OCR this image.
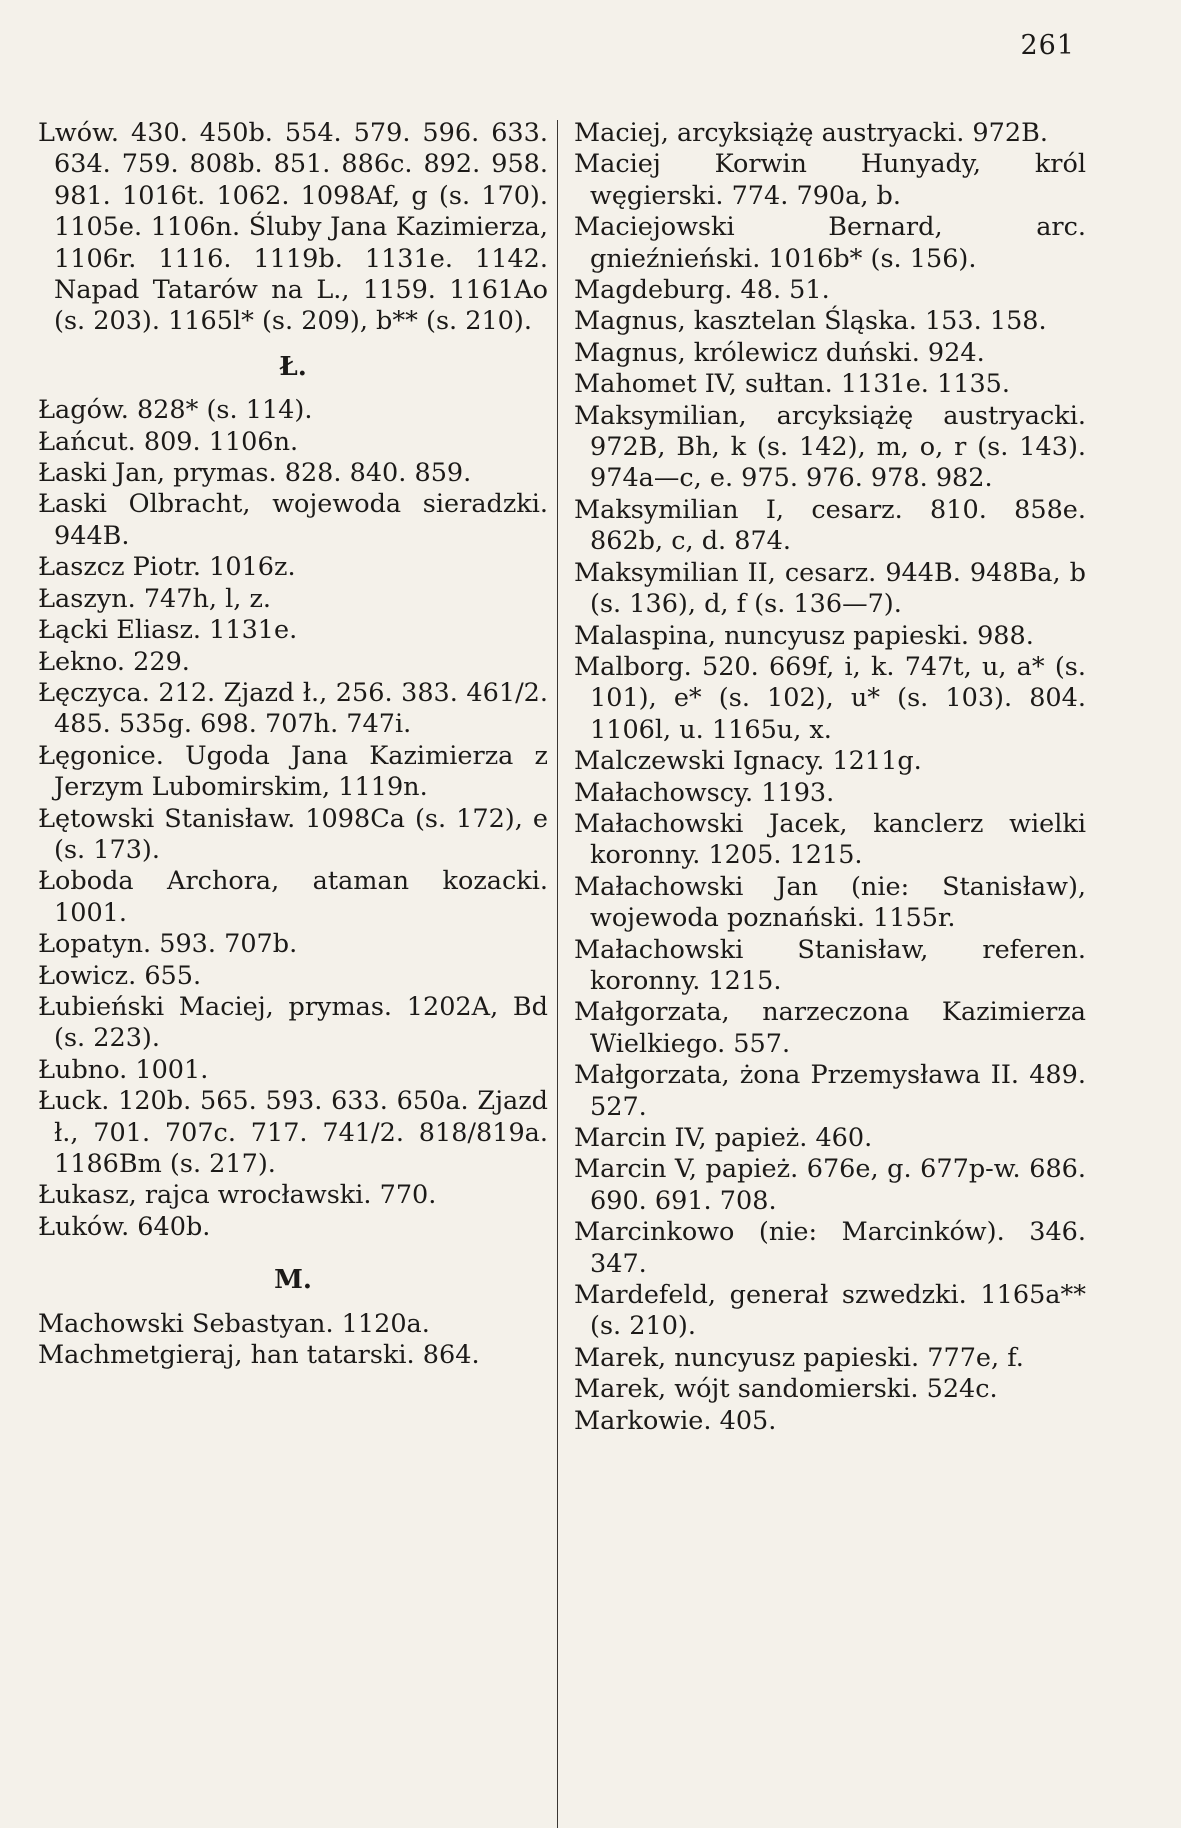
261

Lwów. 430. 450b. 554. 579. 596. 633. 634. 759. 808b. 851. 886c. 892. 958. 981. 1016t. 1062. 1098Af, g (s. 170). 1105e. 1106n. Śluby Jana Kazimierza, 1106r. 1116. 1119b. 1131e. 1142. Napad Tatarów na L., 1159. 1161Ao (s. 203). 1165l* (s. 209), b** (s. 210).

Ł.

Łagów. 828* (s. 114).

Łańcut. 809. 1106n.

Łaski Jan, prymas. 828. 840. 859.

Łaski Olbracht, wojewoda sieradzki. 944B.

Łaszcz Piotr. 1016z.

Łaszyn. 747h, l, z.

Łącki Eliasz. 1131e.

Łekno. 229.

Łęczyca. 212. Zjazd ł., 256. 383. 461/2. 485. 535g. 698. 707h. 747i.

Łęgonice. Ugoda Jana Kazimierza z Jerzym Lubomirskim, 1119n.

Łętowski Stanisław. 1098Ca (s. 172), e (s. 173).

Łoboda Archora, ataman kozacki. 1001.

Łopatyn. 593. 707b.

Łowicz. 655.

Łubieński Maciej, prymas. 1202A, Bd (s. 223).

Łubno. 1001.

Łuck. 120b. 565. 593. 633. 650a. Zjazd ł., 701. 707c. 717. 741/2. 818/819a. 1186Bm (s. 217).

Łukasz, rajca wrocławski. 770.

Łuków. 640b.

M.

Machowski Sebastyan. 1120a.

Machmetgieraj, han tatarski. 864.

Maciej, arcyksiążę austryacki. 972B.

Maciej Korwin Hunyady, król węgierski. 774. 790a, b.

Maciejowski Bernard, arc. gnieźnieński. 1016b* (s. 156).

Magdeburg. 48. 51.

Magnus, kasztelan Śląska. 153. 158.

Magnus, królewicz duński. 924.

Mahomet IV, sułtan. 1131e. 1135.

Maksymilian, arcyksiążę austryacki. 972B, Bh, k (s. 142), m, o, r (s. 143). 974a—c, e. 975. 976. 978. 982.

Maksymilian I, cesarz. 810. 858e. 862b, c, d. 874.

Maksymilian II, cesarz. 944B. 948Ba, b (s. 136), d, f (s. 136—7).

Malaspina, nuncyusz papieski. 988.

Malborg. 520. 669f, i, k. 747t, u, a* (s. 101), e* (s. 102), u* (s. 103). 804. 1106l, u. 1165u, x.

Malczewski Ignacy. 1211g.

Małachowscy. 1193.

Małachowski Jacek, kanclerz wielki koronny. 1205. 1215.

Małachowski Jan (nie: Stanisław), wojewoda poznański. 1155r.

Małachowski Stanisław, referen. koronny. 1215.

Małgorzata, narzeczona Kazimierza Wielkiego. 557.

Małgorzata, żona Przemysława II. 489. 527.

Marcin IV, papież. 460.

Marcin V, papież. 676e, g. 677p-w. 686. 690. 691. 708.

Marcinkowo (nie: Marcinków). 346. 347.

Mardefeld, generał szwedzki. 1165a** (s. 210).

Marek, nuncyusz papieski. 777e, f.

Marek, wójt sandomierski. 524c.

Markowie. 405.
